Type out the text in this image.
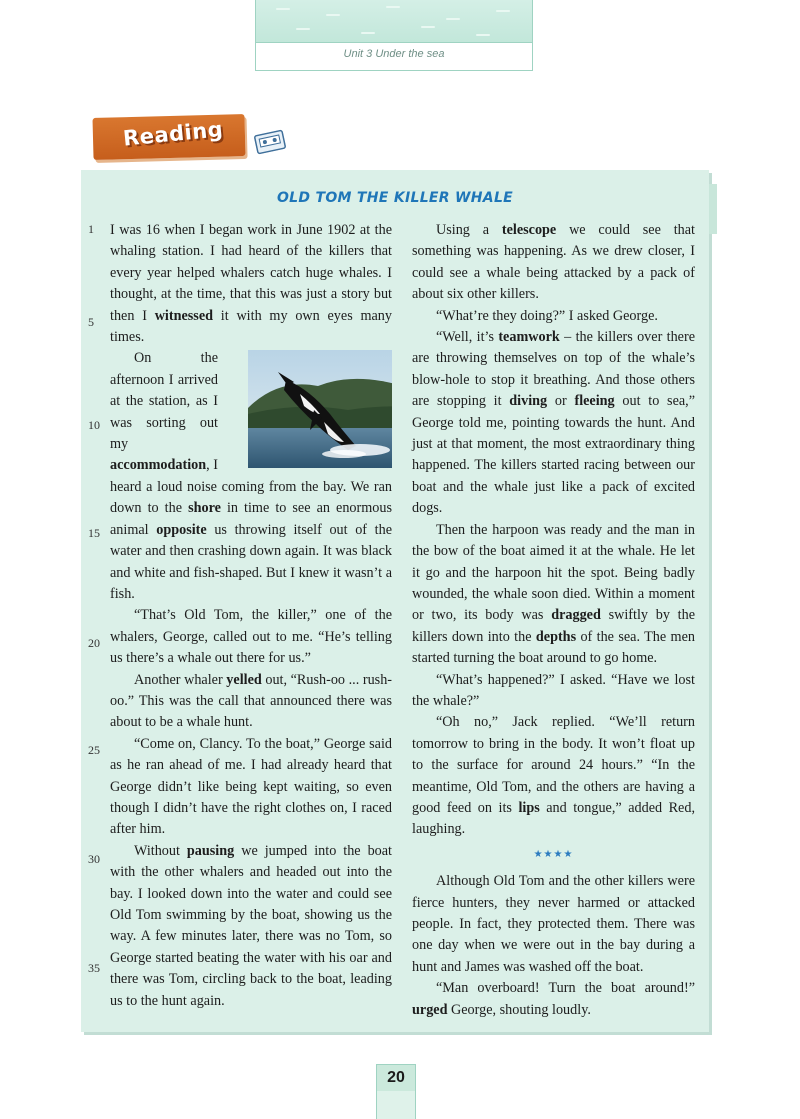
Unit 3 Under the sea
Reading
OLD TOM THE KILLER WHALE
1
5
10
15
20
25
30
35

I was 16 when I began work in June 1902 at the whaling station. I had heard of the killers that every year helped whalers catch huge whales. I thought, at the time, that this was just a story but then I witnessed it with my own eyes many times.

On the afternoon I arrived at the station, as I was sorting out my accommodation, I heard a loud noise coming from the bay. We ran down to the shore in time to see an enormous animal opposite us throwing itself out of the water and then crashing down again. It was black and white and fish-shaped. But I knew it wasn’t a fish.

“That’s Old Tom, the killer,” one of the whalers, George, called out to me. “He’s telling us there’s a whale out there for us.”

Another whaler yelled out, “Rush-oo ... rush-oo.” This was the call that announced there was about to be a whale hunt.

“Come on, Clancy. To the boat,” George said as he ran ahead of me. I had already heard that George didn’t like being kept waiting, so even though I didn’t have the right clothes on, I raced after him.

Without pausing we jumped into the boat with the other whalers and headed out into the bay. I looked down into the water and could see Old Tom swimming by the boat, showing us the way. A few minutes later, there was no Tom, so George started beating the water with his oar and there was Tom, circling back to the boat, leading us to the hunt again.

Using a telescope we could see that something was happening. As we drew closer, I could see a whale being attacked by a pack of about six other killers.

“What’re they doing?” I asked George.

“Well, it’s teamwork – the killers over there are throwing themselves on top of the whale’s blow-hole to stop it breathing. And those others are stopping it diving or fleeing out to sea,” George told me, pointing towards the hunt. And just at that moment, the most extraordinary thing happened. The killers started racing between our boat and the whale just like a pack of excited dogs.

Then the harpoon was ready and the man in the bow of the boat aimed it at the whale. He let it go and the harpoon hit the spot. Being badly wounded, the whale soon died. Within a moment or two, its body was dragged swiftly by the killers down into the depths of the sea. The men started turning the boat around to go home.

“What’s happened?” I asked. “Have we lost the whale?”

“Oh no,” Jack replied. “We’ll return tomorrow to bring in the body. It won’t float up to the surface for around 24 hours.” “In the meantime, Old Tom, and the others are having a good feed on its lips and tongue,” added Red, laughing.

★★★★

Although Old Tom and the other killers were fierce hunters, they never harmed or attacked people. In fact, they protected them. There was one day when we were out in the bay during a hunt and James was washed off the boat.

“Man overboard! Turn the boat around!” urged George, shouting loudly.

20
